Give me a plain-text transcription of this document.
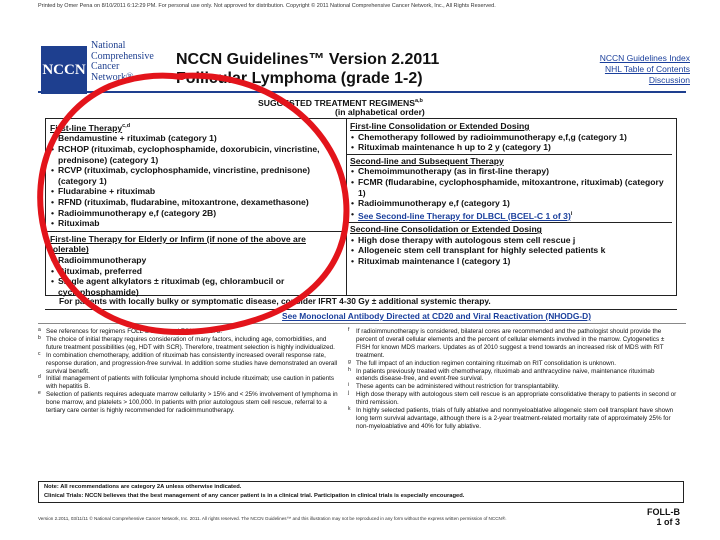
Printed by Omer Pena on 8/10/2011 6:12:29 PM. For personal use only. Not approved for distribution. Copyright © 2011 National Comprehensive Cancer Network, Inc., All Rights Reserved.
NCCN
National
Comprehensive
Cancer
Network®
NCCN Guidelines™ Version 2.2011
Follicular Lymphoma (grade 1-2)
NCCN Guidelines Index
NHL Table of Contents
Discussion
SUGGESTED TREATMENT REGIMENS$^{a,b}$
(in alphabetical order)
First-line Therapy$^{c,d}$
• Bendamustine + rituximab (category 1)
• RCHOP (rituximab, cyclophosphamide, doxorubicin, vincristine, prednisone) (category 1)
• RCVP (rituximab, cyclophosphamide, vincristine, prednisone) (category 1)
• Fludarabine + rituximab
• RFND (rituximab, fludarabine, mitoxantrone, dexamethasone)
• Radioimmunotherapy e,f (category 2B)
• Rituximab
First-line Therapy for Elderly or Infirm (if none of the above are tolerable)
• Radioimmunotherapy
• Rituximab, preferred
• Single agent alkylators ± rituximab (eg, chlorambucil or cyclophosphamide)
First-line Consolidation or Extended Dosing
• Chemotherapy followed by radioimmunotherapy e,f,g (category 1)
• Rituximab maintenance h up to 2 y (category 1)
Second-line and Subsequent Therapy
• Chemoimmunotherapy (as in first-line therapy)
• FCMR (fludarabine, cyclophosphamide, mitoxantrone, rituximab) (category 1)
• Radioimmunotherapy e,f (category 1)
• See Second-line Therapy for DLBCL (BCEL-C 1 of 3)$^i$
Second-line Consolidation or Extended Dosing
• High dose therapy with autologous stem cell rescue j
• Allogeneic stem cell transplant for highly selected patients k
• Rituximab maintenance l (category 1)
For patients with locally bulky or symptomatic disease, consider IFRT 4-30 Gy ± additional systemic therapy.
See Monoclonal Antibody Directed at CD20 and Viral Reactivation (NHODG-D)
a See references for regimens FOLL-B 2 of 3 and FOLL-B 3 of 3.
b The choice of initial therapy requires consideration of many factors, including age, comorbidities, and future treatment possibilities (eg, HDT with SCR). Therefore, treatment selection is highly individualized.
c In combination chemotherapy, addition of rituximab has consistently increased overall response rate, response duration, and progression-free survival. In addition some studies have demonstrated an overall survival benefit.
d Initial management of patients with follicular lymphoma should include rituximab; use caution in patients with hepatitis B.
e Selection of patients requires adequate marrow cellularity > 15% and < 25% involvement of lymphoma in bone marrow, and platelets > 100,000. In patients with prior autologous stem cell rescue, referral to a tertiary care center is highly recommended for radioimmunotherapy.
f If radioimmunotherapy is considered, bilateral cores are recommended and the pathologist should provide the percent of overall cellular elements and the percent of cellular elements involved in the marrow. Cytogenetics ± FISH for known MDS markers. Updates as of 2010 suggest a trend towards an increased risk of MDS with RIT treatment.
g The full impact of an induction regimen containing rituximab on RIT consolidation is unknown.
h In patients previously treated with chemotherapy, rituximab and anthracycline naive, maintenance rituximab extends disease-free, and event-free survival.
i These agents can be administered without restriction for transplantability.
j High dose therapy with autologous stem cell rescue is an appropriate consolidative therapy to patients in second or third remission.
k In highly selected patients, trials of fully ablative and nonmyeloablative allogeneic stem cell transplant have shown long term survival advantage, although there is a 2-year treatment-related mortality rate of approximately 25% for non-myeloablative and 40% for fully ablative.
Note: All recommendations are category 2A unless otherwise indicated.
Clinical Trials: NCCN believes that the best management of any cancer patient is in a clinical trial. Participation in clinical trials is especially encouraged.
Version 2.2011, 03/11/11 © National Comprehensive Cancer Network, Inc. 2011. All rights reserved. The NCCN Guidelines™ and this illustration may not be reproduced in any form without the express written permission of NCCN®.
FOLL-B
1 of 3
